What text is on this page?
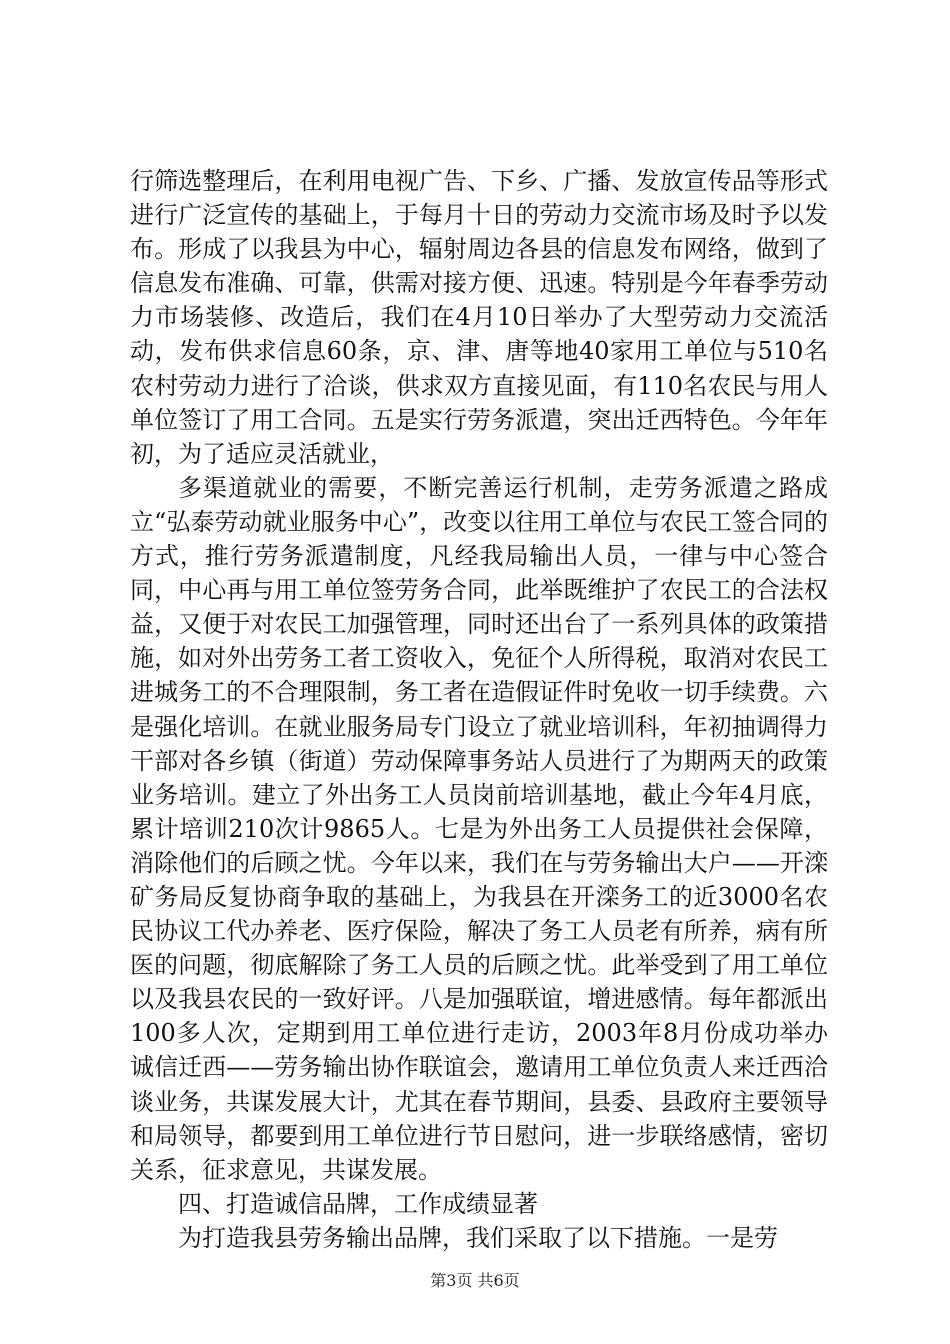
行筛选整理后，在利用电视广告、下乡、广播、发放宣传品等形式进行广泛宣传的基础上，于每月十日的劳动力交流市场及时予以发布。形成了以我县为中心，辐射周边各县的信息发布网络，做到了信息发布准确、可靠，供需对接方便、迅速。特别是今年春季劳动力市场装修、改造后，我们在4月10日举办了大型劳动力交流活动，发布供求信息60条，京、津、唐等地40家用工单位与510名农村劳动力进行了洽谈，供求双方直接见面，有110名农民与用人单位签订了用工合同。五是实行劳务派遣，突出迁西特色。今年年初，为了适应灵活就业，

多渠道就业的需要，不断完善运行机制，走劳务派遣之路成立“弘泰劳动就业服务中心”，改变以往用工单位与农民工签合同的方式，推行劳务派遣制度，凡经我局输出人员，一律与中心签合同，中心再与用工单位签劳务合同，此举既维护了农民工的合法权益，又便于对农民工加强管理，同时还出台了一系列具体的政策措施，如对外出劳务工者工资收入，免征个人所得税，取消对农民工进城务工的不合理限制，务工者在造假证件时免收一切手续费。六是强化培训。在就业服务局专门设立了就业培训科，年初抽调得力干部对各乡镇（街道）劳动保障事务站人员进行了为期两天的政策业务培训。建立了外出务工人员岗前培训基地，截止今年4月底，累计培训210次计9865人。七是为外出务工人员提供社会保障，消除他们的后顾之忧。今年以来，我们在与劳务输出大户——开滦矿务局反复协商争取的基础上，为我县在开滦务工的近3000名农民协议工代办养老、医疗保险，解决了务工人员老有所养，病有所医的问题，彻底解除了务工人员的后顾之忧。此举受到了用工单位以及我县农民的一致好评。八是加强联谊，增进感情。每年都派出100多人次，定期到用工单位进行走访，2003年8月份成功举办诚信迁西——劳务输出协作联谊会，邀请用工单位负责人来迁西洽谈业务，共谋发展大计，尤其在春节期间，县委、县政府主要领导和局领导，都要到用工单位进行节日慰问，进一步联络感情，密切关系，征求意见，共谋发展。

四、打造诚信品牌，工作成绩显著

为打造我县劳务输出品牌，我们采取了以下措施。一是劳

第3页 共6页
